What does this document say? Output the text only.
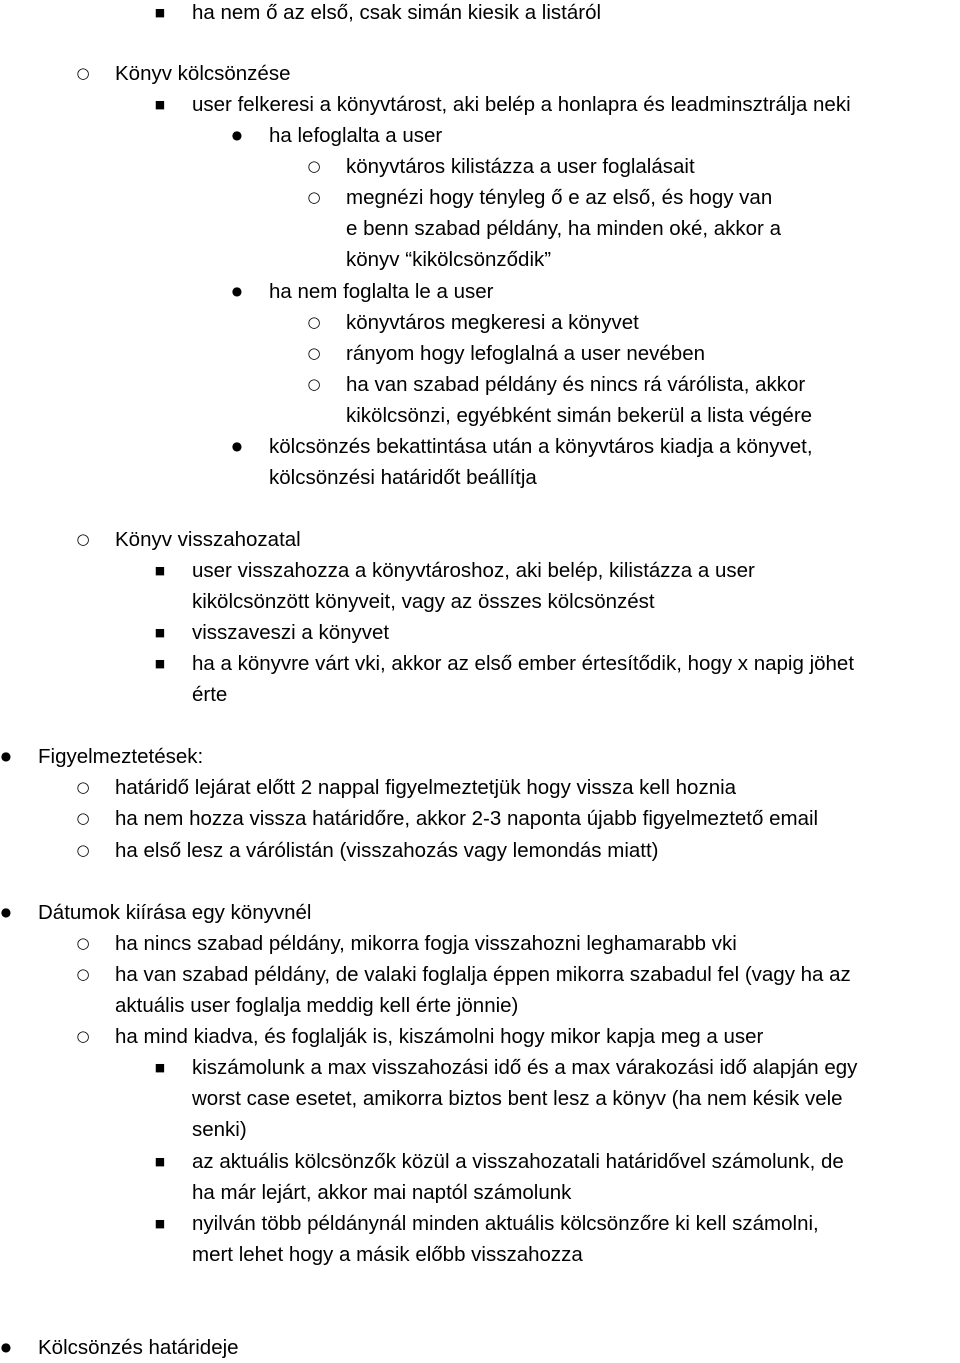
■ ha nem ő az első, csak simán kiesik a listáról
○ Könyv kölcsönzése
■ user felkeresi a könyvtárost, aki belép a honlapra és leadminsztrálja neki
● ha lefoglalta a user
○ könyvtáros kilistázza a user foglalásait
○ megnézi hogy tényleg ő e az első, és hogy van
e benn szabad példány, ha minden oké, akkor a
könyv “kikölcsönződik”
● ha nem foglalta le a user
○ könyvtáros megkeresi a könyvet
○ rányom hogy lefoglalná a user nevében
○ ha van szabad példány és nincs rá várólista, akkor
kikölcsönzi, egyébként simán bekerül a lista végére
● kölcsönzés bekattintása után a könyvtáros kiadja a könyvet,
kölcsönzési határidőt beállítja
○ Könyv visszahozatal
■ user visszahozza a könyvtároshoz, aki belép, kilistázza a user
kikölcsönzött könyveit, vagy az összes kölcsönzést
■ visszaveszi a könyvet
■ ha a könyvre várt vki, akkor az első ember értesítődik, hogy x napig jöhet
érte
● Figyelmeztetések:
○ határidő lejárat előtt 2 nappal figyelmeztetjük hogy vissza kell hoznia
○ ha nem hozza vissza határidőre, akkor 2-3 naponta újabb figyelmeztető email
○ ha első lesz a várólistán (visszahozás vagy lemondás miatt)
● Dátumok kiírása egy könyvnél
○ ha nincs szabad példány, mikorra fogja visszahozni leghamarabb vki
○ ha van szabad példány, de valaki foglalja éppen mikorra szabadul fel (vagy ha az
aktuális user foglalja meddig kell érte jönnie)
○ ha mind kiadva, és foglalják is, kiszámolni hogy mikor kapja meg a user
■ kiszámolunk a max visszahozási idő és a max várakozási idő alapján egy
worst case esetet, amikorra biztos bent lesz a könyv (ha nem késik vele
senki)
■ az aktuális kölcsönzők közül a visszahozatali határidővel számolunk, de
ha már lejárt, akkor mai naptól számolunk
■ nyilván több példánynál minden aktuális kölcsönzőre ki kell számolni,
mert lehet hogy a másik előbb visszahozza
● Kölcsönzés határideje
